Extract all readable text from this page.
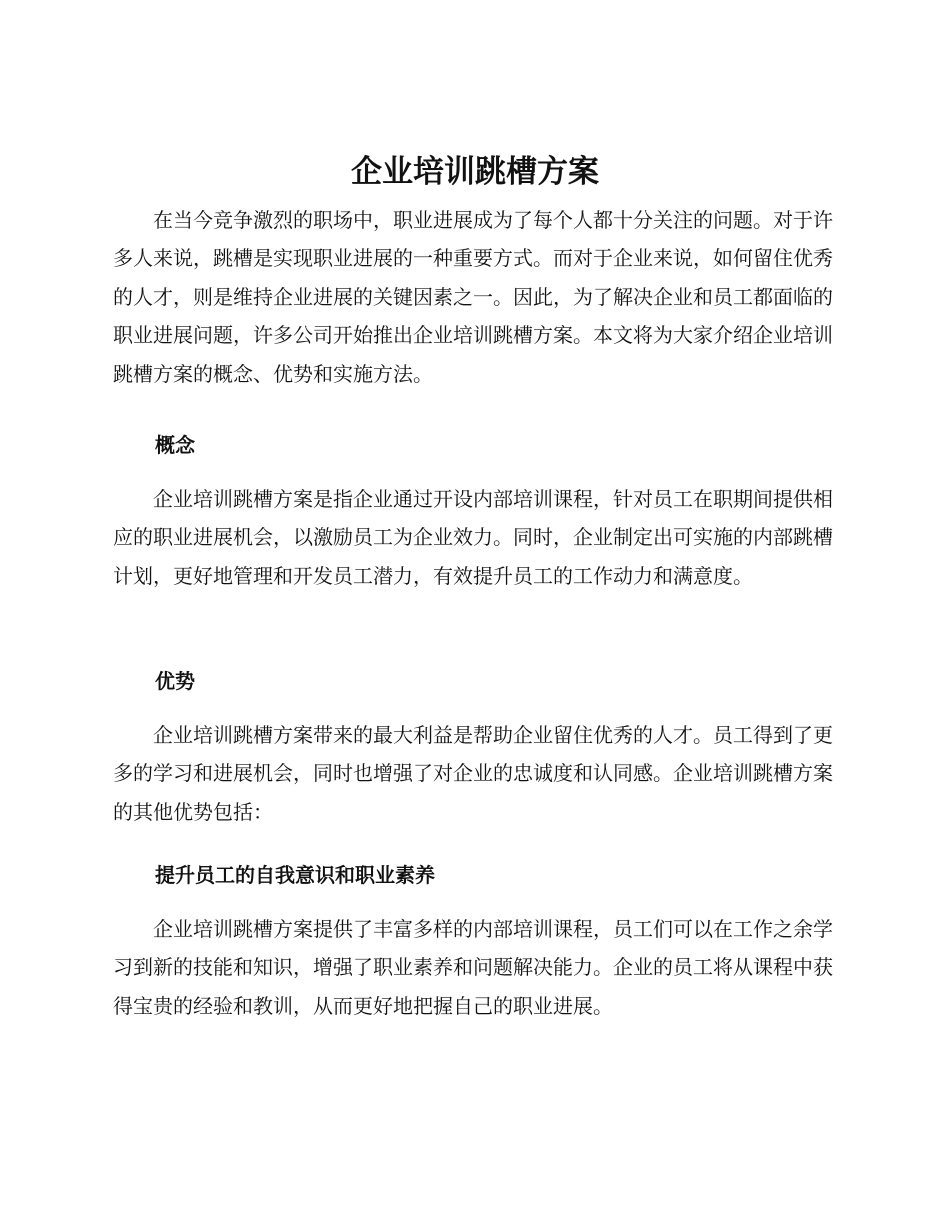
企业培训跳槽方案

在当今竞争激烈的职场中，职业进展成为了每个人都十分关注的问题。对于许多人来说，跳槽是实现职业进展的一种重要方式。而对于企业来说，如何留住优秀的人才，则是维持企业进展的关键因素之一。因此，为了解决企业和员工都面临的职业进展问题，许多公司开始推出企业培训跳槽方案。本文将为大家介绍企业培训跳槽方案的概念、优势和实施方法。

概念

企业培训跳槽方案是指企业通过开设内部培训课程，针对员工在职期间提供相应的职业进展机会，以激励员工为企业效力。同时，企业制定出可实施的内部跳槽计划，更好地管理和开发员工潜力，有效提升员工的工作动力和满意度。

优势

企业培训跳槽方案带来的最大利益是帮助企业留住优秀的人才。员工得到了更多的学习和进展机会，同时也增强了对企业的忠诚度和认同感。企业培训跳槽方案的其他优势包括：

提升员工的自我意识和职业素养

企业培训跳槽方案提供了丰富多样的内部培训课程，员工们可以在工作之余学习到新的技能和知识，增强了职业素养和问题解决能力。企业的员工将从课程中获得宝贵的经验和教训，从而更好地把握自己的职业进展。
